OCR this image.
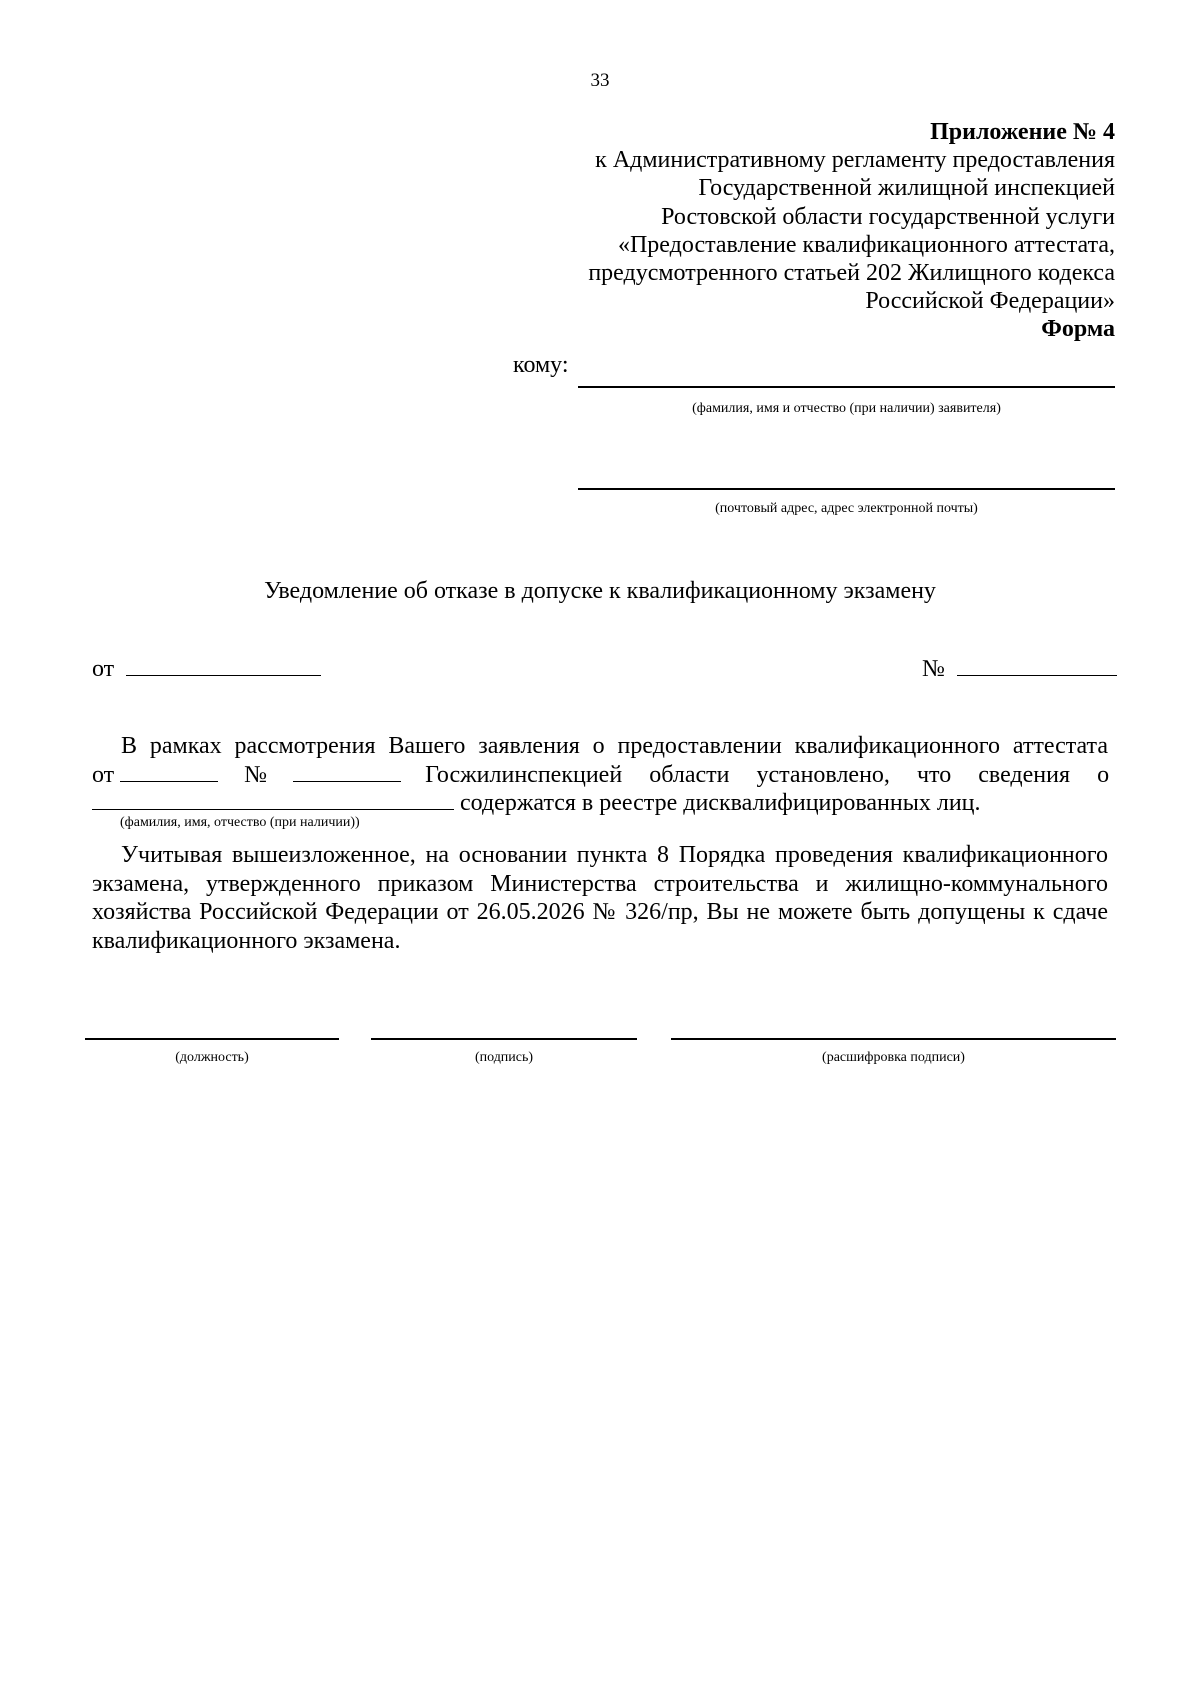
33
Приложение № 4
к Административному регламенту предоставления
Государственной жилищной инспекцией
Ростовской области государственной услуги
«Предоставление квалификационного аттестата,
предусмотренного статьей 202 Жилищного кодекса
Российской Федерации»
Форма
кому:
(фамилия, имя и отчество (при наличии) заявителя)
(почтовый адрес, адрес электронной почты)
Уведомление об отказе в допуске к квалификационному экзамену
от	№
В рамках рассмотрения Вашего заявления о предоставлении квалификационного аттестата
от	№	Госжилинспекцией области установлено, что сведения о
содержатся в реестре дисквалифицированных лиц.
(фамилия, имя, отчество (при наличии))
Учитывая вышеизложенное, на основании пункта 8 Порядка проведения квалификационного
экзамена, утвержденного приказом Министерства строительства и жилищно-коммунального
хозяйства Российской Федерации от 26.05.2026 № 326/пр, Вы не можете быть допущены к сдаче
квалификационного экзамена.
(должность)	(подпись)	(расшифровка подписи)
